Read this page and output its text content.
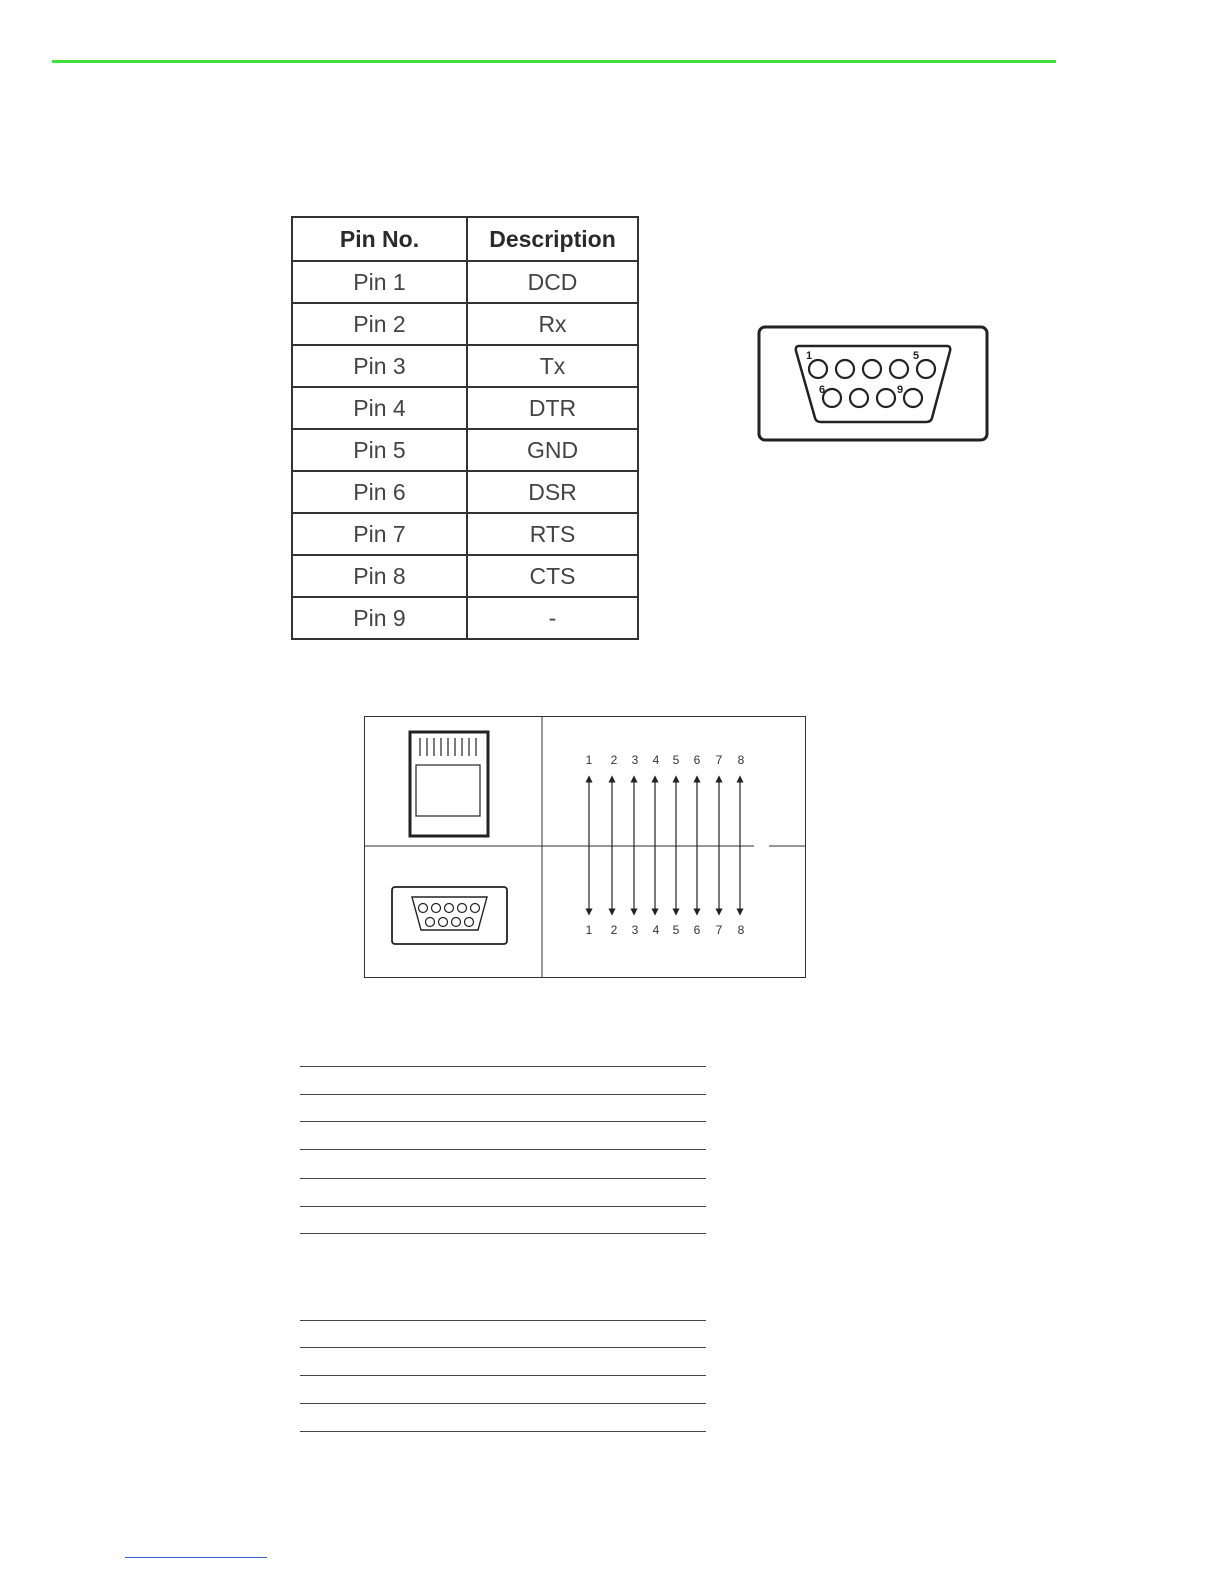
Pin No.	Description
Pin 1	DCD
Pin 2	Rx
Pin 3	Tx
Pin 4	DTR
Pin 5	GND
Pin 6	DSR
Pin 7	RTS
Pin 8	CTS
Pin 9	-
1	5
6	9
1 2 3 4 5 6 7 8
1 2 3 4 5 6 7 8
